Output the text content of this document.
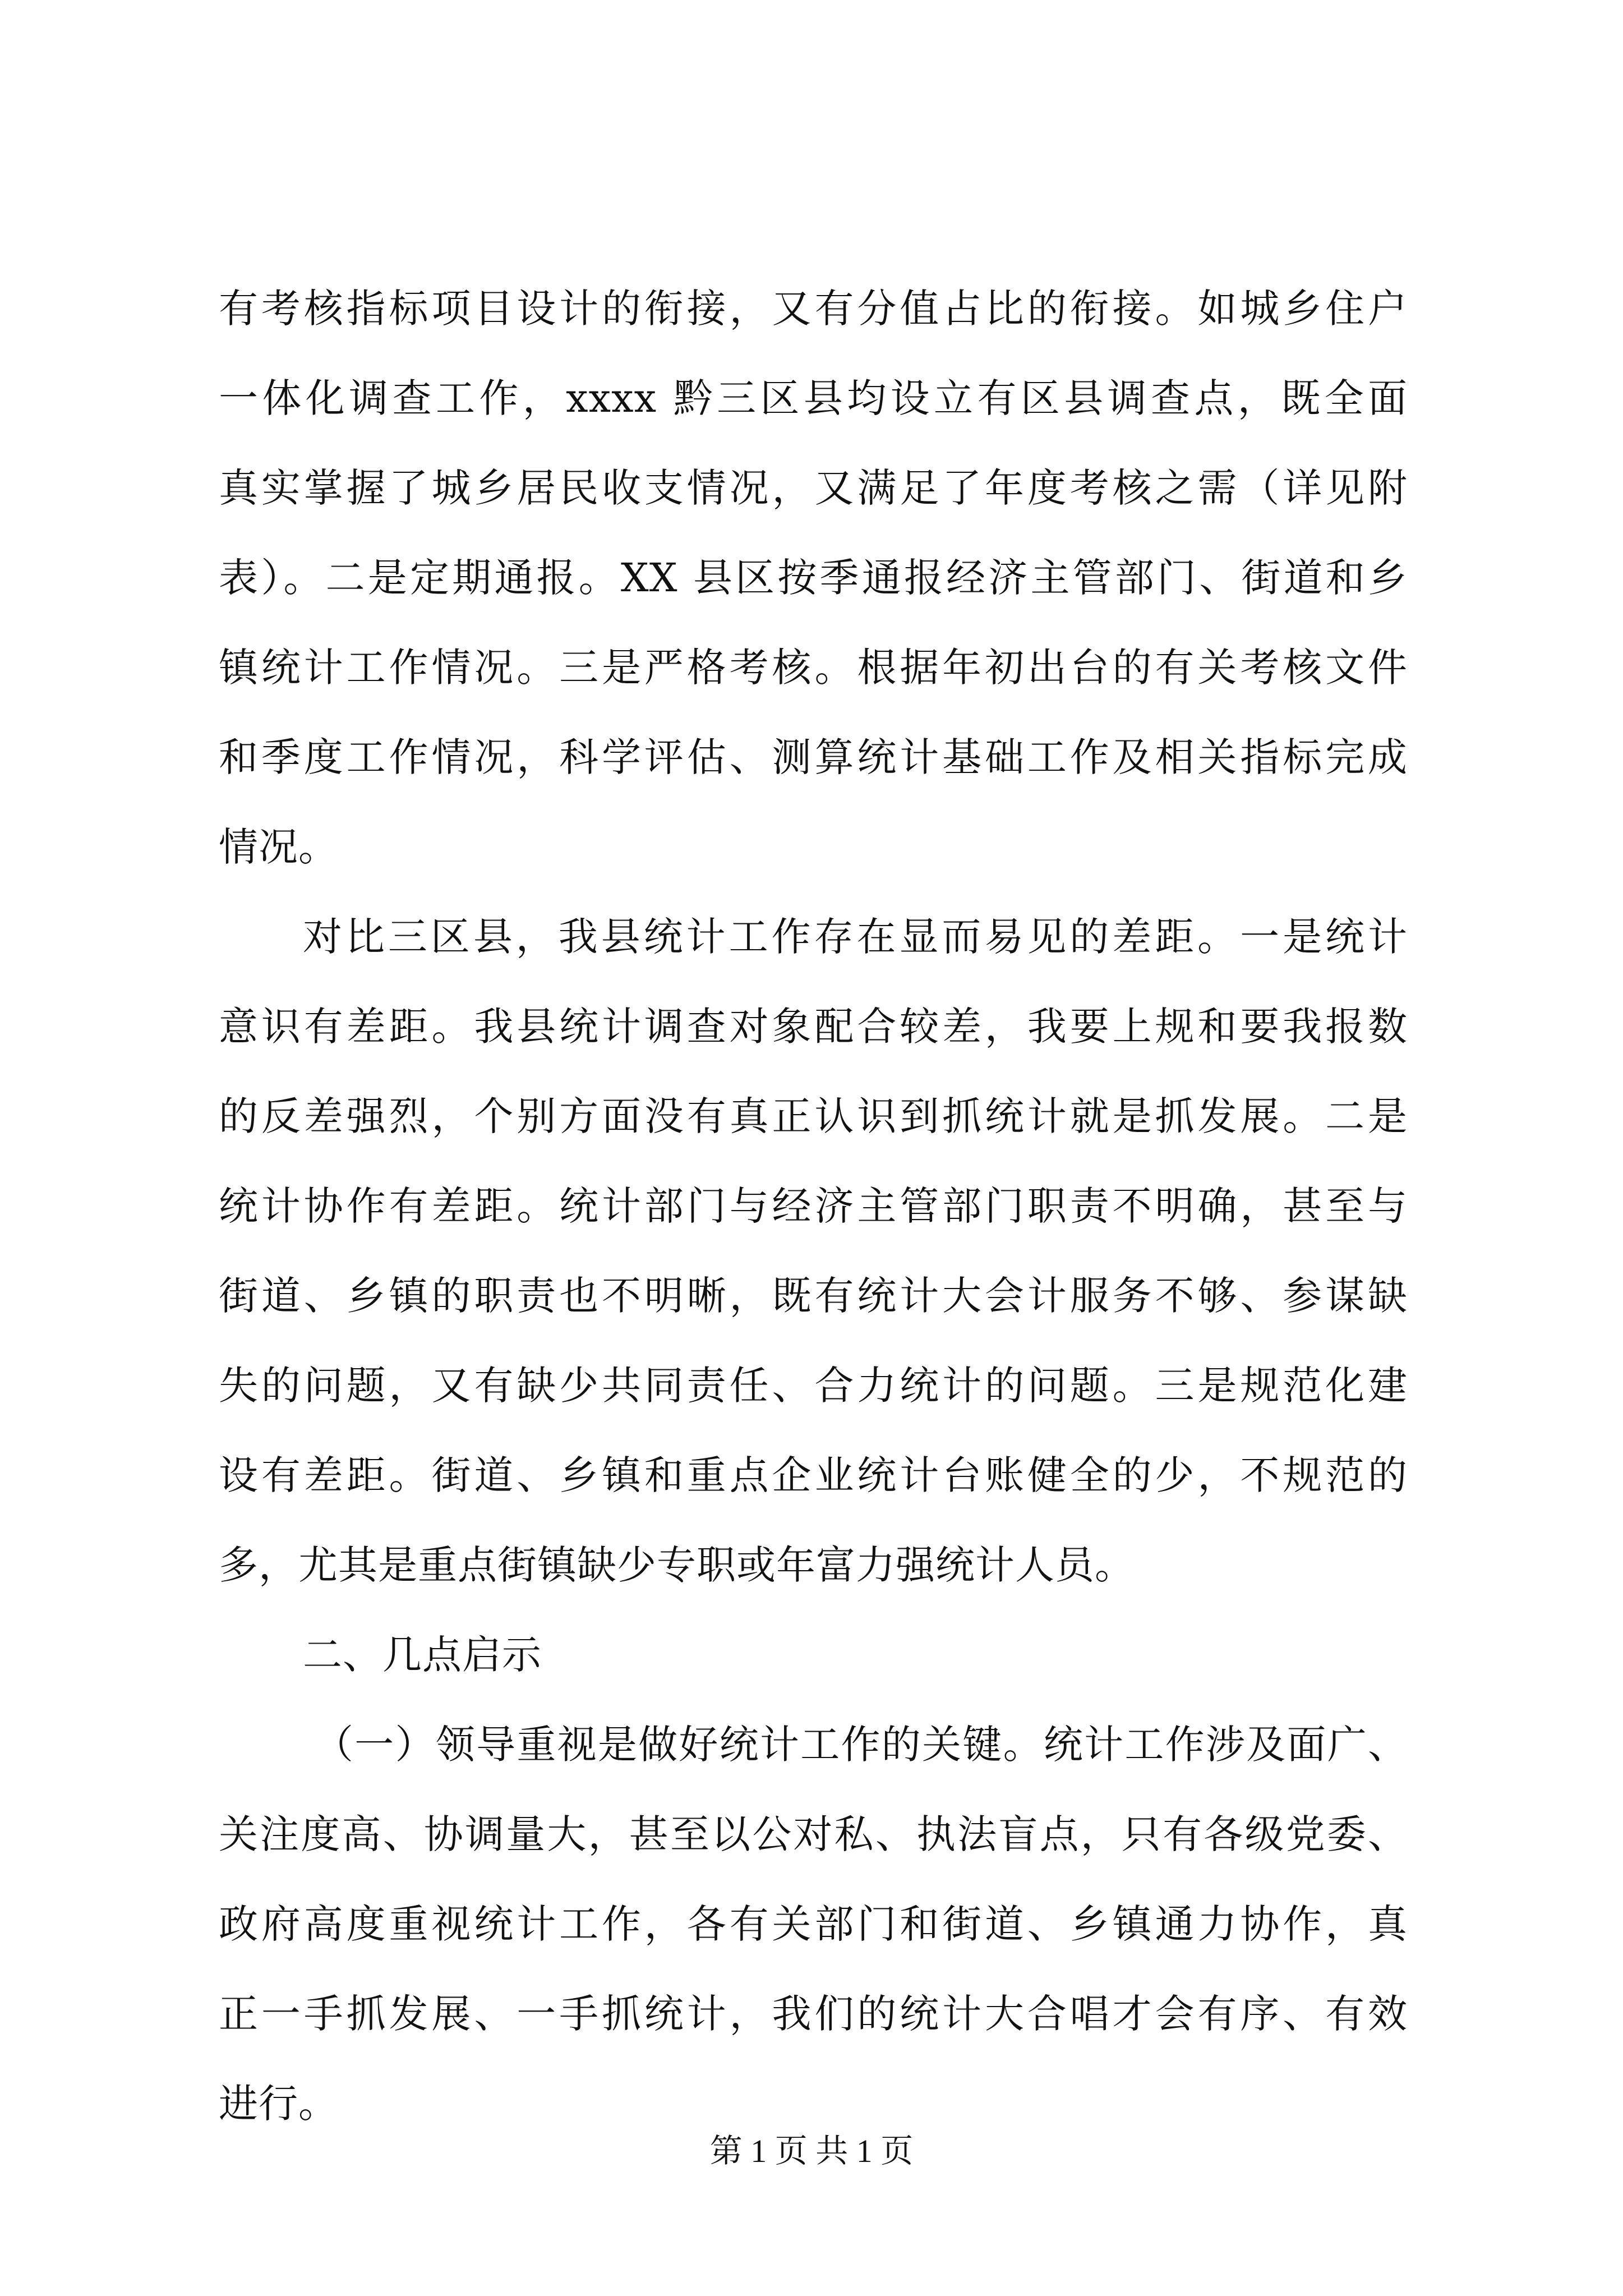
有考核指标项目设计的衔接，又有分值占比的衔接。如城乡住户
一体化调查工作，xxxx 黔三区县均设立有区县调查点，既全面
真实掌握了城乡居民收支情况，又满足了年度考核之需（详见附
表）。二是定期通报。XX 县区按季通报经济主管部门、街道和乡
镇统计工作情况。三是严格考核。根据年初出台的有关考核文件
和季度工作情况，科学评估、测算统计基础工作及相关指标完成
情况。
对比三区县，我县统计工作存在显而易见的差距。一是统计
意识有差距。我县统计调查对象配合较差，我要上规和要我报数
的反差强烈，个别方面没有真正认识到抓统计就是抓发展。二是
统计协作有差距。统计部门与经济主管部门职责不明确，甚至与
街道、乡镇的职责也不明晰，既有统计大会计服务不够、参谋缺
失的问题，又有缺少共同责任、合力统计的问题。三是规范化建
设有差距。街道、乡镇和重点企业统计台账健全的少，不规范的
多，尤其是重点街镇缺少专职或年富力强统计人员。
二、几点启示
（一）领导重视是做好统计工作的关键。统计工作涉及面广、
关注度高、协调量大，甚至以公对私、执法盲点，只有各级党委、
政府高度重视统计工作，各有关部门和街道、乡镇通力协作，真
正一手抓发展、一手抓统计，我们的统计大合唱才会有序、有效
进行。
第 1 页 共 1 页
